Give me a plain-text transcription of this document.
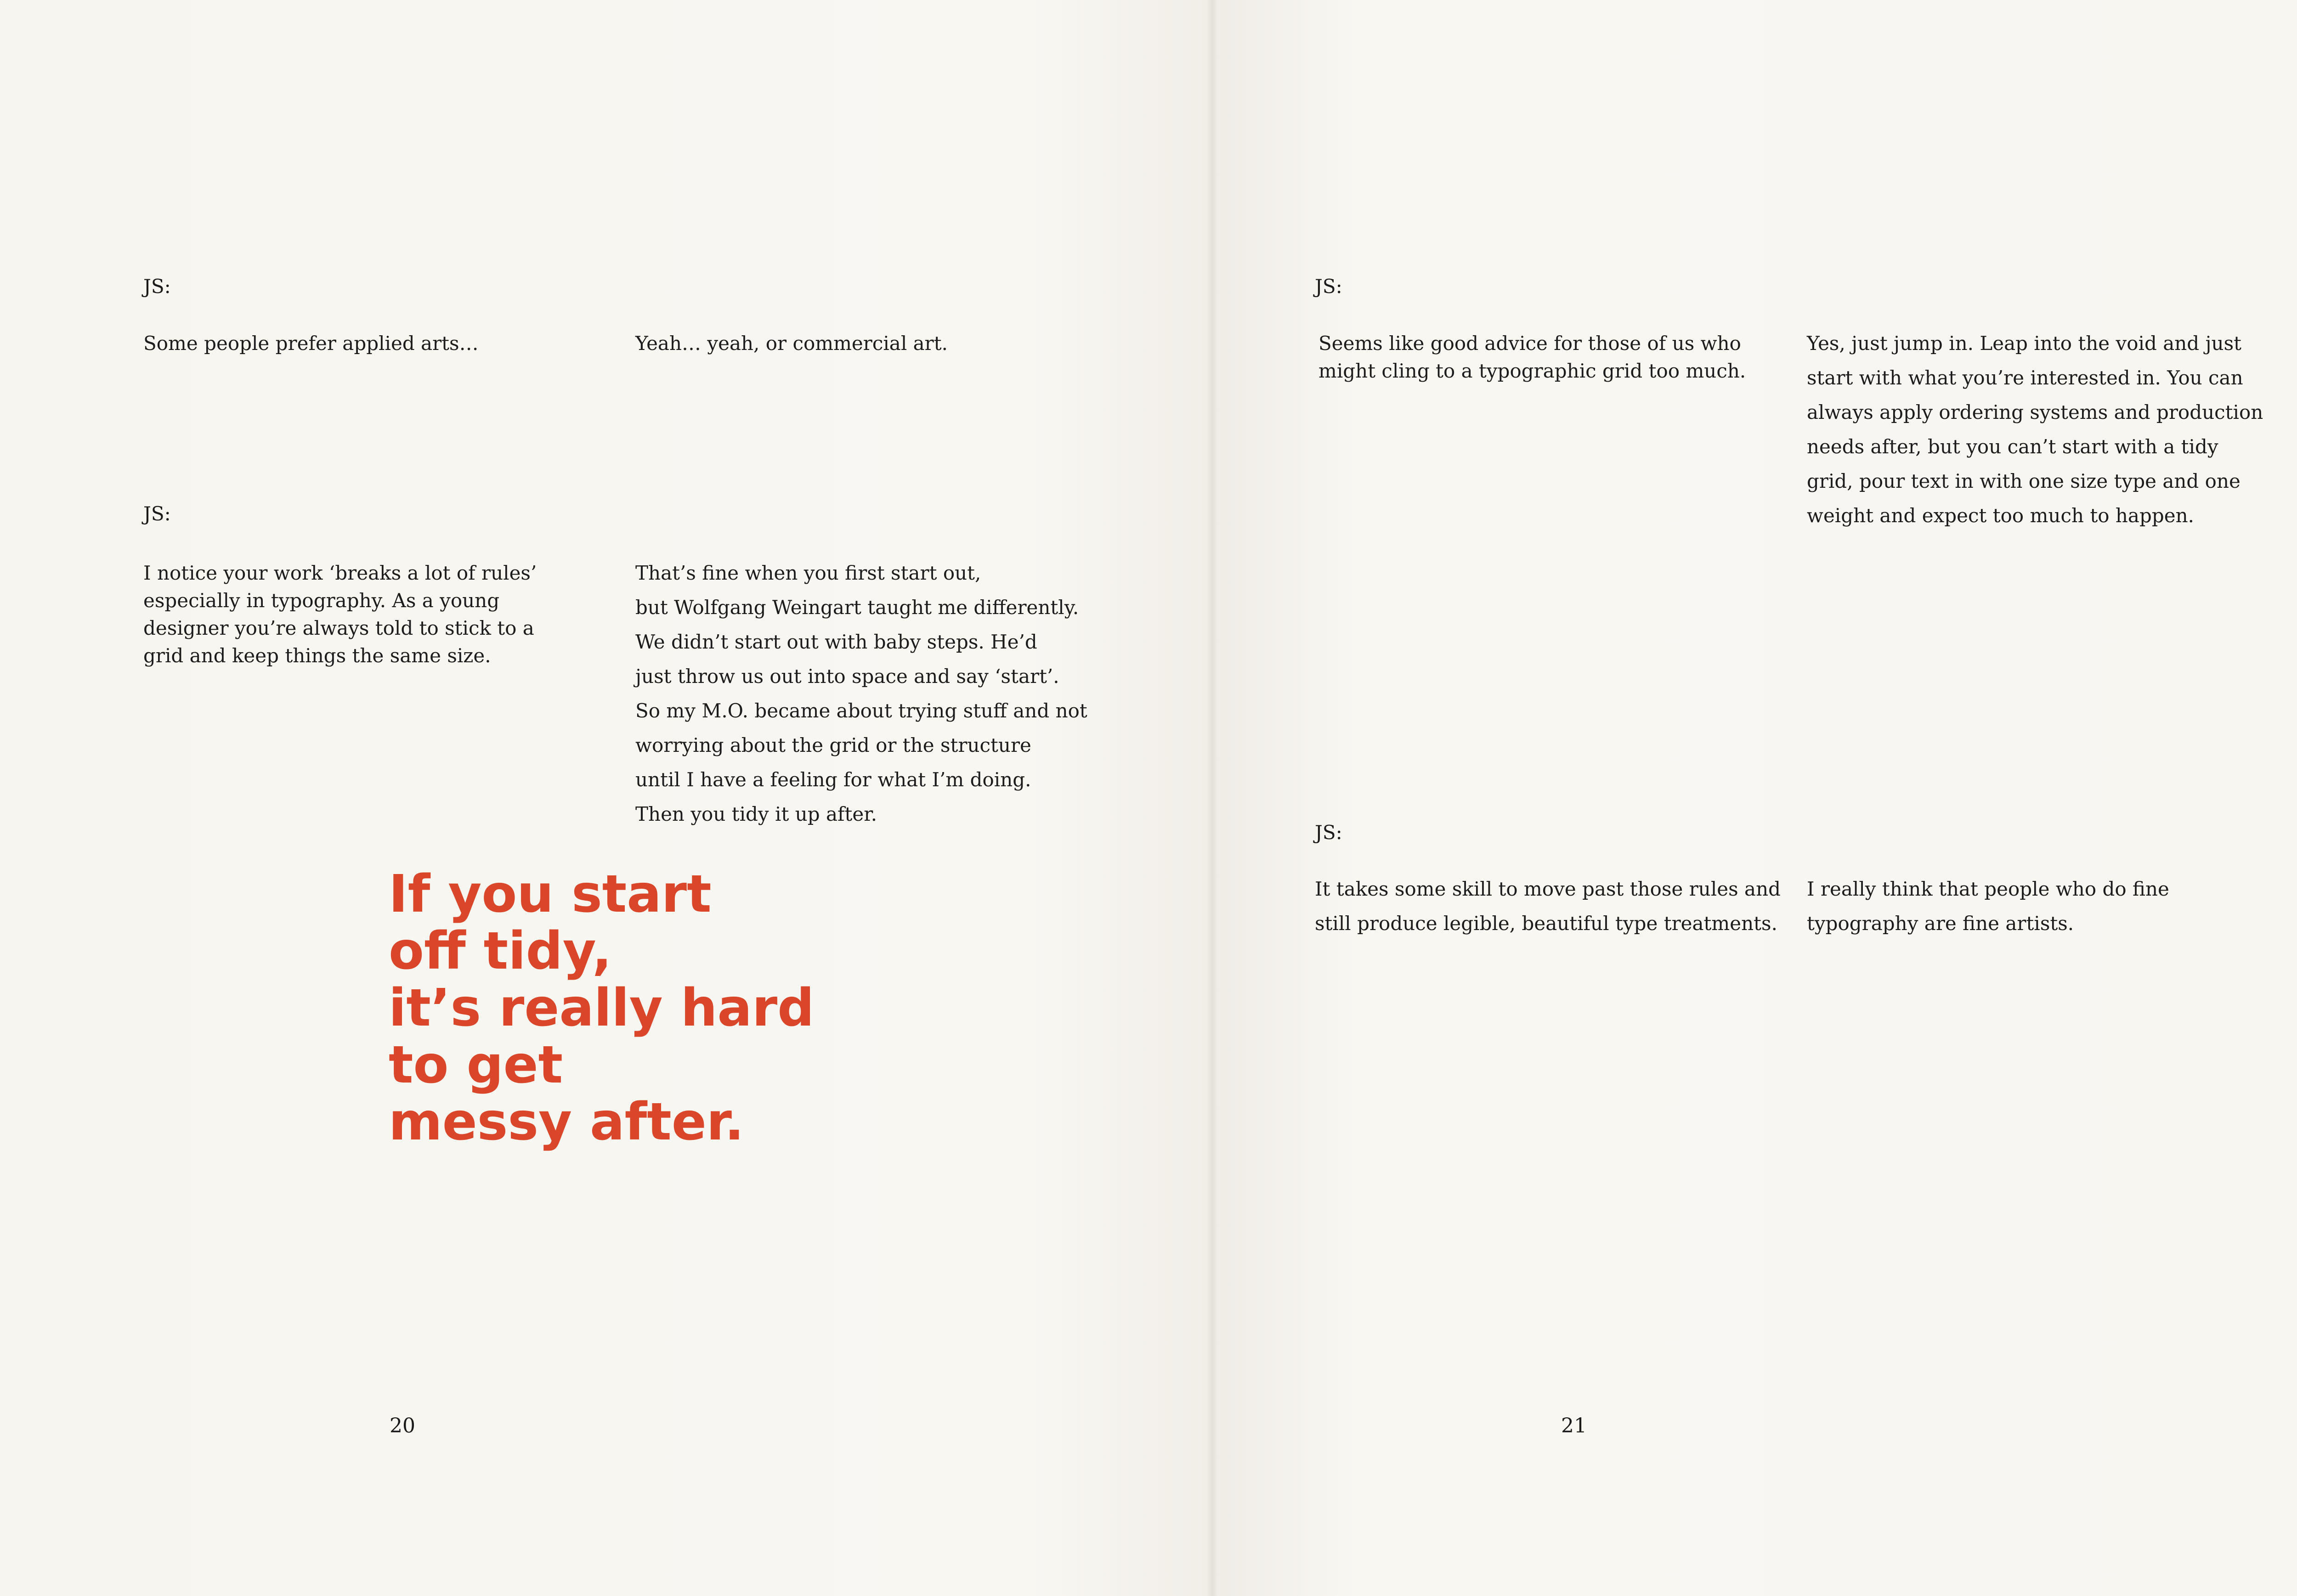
JS:
Some people prefer applied arts…	Yeah… yeah, or commercial art.
JS:
I notice your work ‘breaks a lot of rules’
especially in typography. As a young
designer you’re always told to stick to a
grid and keep things the same size.
That’s fine when you first start out,
but Wolfgang Weingart taught me differently.
We didn’t start out with baby steps. He’d
just throw us out into space and say ‘start’.
So my M.O. became about trying stuff and not
worrying about the grid or the structure
until I have a feeling for what I’m doing.
Then you tidy it up after.
If you start
off tidy,
it’s really hard
to get
messy after.
20
JS:
Seems like good advice for those of us who
might cling to a typographic grid too much.
Yes, just jump in. Leap into the void and just
start with what you’re interested in. You can
always apply ordering systems and production
needs after, but you can’t start with a tidy
grid, pour text in with one size type and one
weight and expect too much to happen.
JS:
It takes some skill to move past those rules and
still produce legible, beautiful type treatments.
I really think that people who do fine
typography are fine artists.
21
